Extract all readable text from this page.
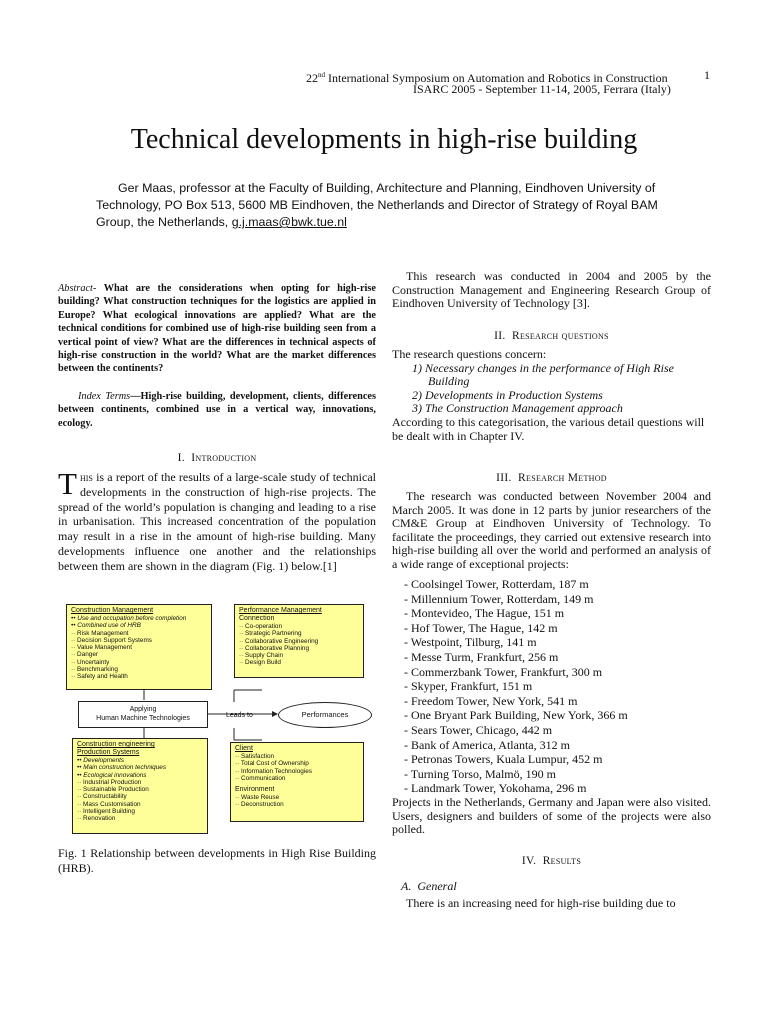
22nd International Symposium on Automation and Robotics in Construction	1
ISARC 2005 - September 11-14, 2005, Ferrara (Italy)
Technical developments in high-rise building
Ger Maas, professor at the Faculty of Building, Architecture and Planning, Eindhoven University of Technology, PO Box 513, 5600 MB Eindhoven, the Netherlands and Director of Strategy of Royal BAM Group, the Netherlands, g.j.maas@bwk.tue.nl
Abstract- What are the considerations when opting for high-rise building? What construction techniques for the logistics are applied in Europe? What ecological innovations are applied? What are the technical conditions for combined use of high-rise building seen from a vertical point of view? What are the differences in technical aspects of high-rise construction in the world? What are the market differences between the continents?
Index Terms—High-rise building, development, clients, differences between continents, combined use in a vertical way, innovations, ecology.
I. Introduction
This is a report of the results of a large-scale study of technical developments in the construction of high-rise projects. The spread of the world’s population is changing and leading to a rise in urbanisation. This increased concentration of the population may result in a rise in the amount of high-rise building. Many developments influence one another and the relationships between them are shown in the diagram (Fig. 1) below.[1]
Construction Management
•• Use and occupation before completion
•• Combined use of HRB
·· Risk Management
·· Decision Support Systems
·· Value Management
·· Danger
·· Uncertainty
·· Benchmarking
·· Safety and Health
Performance Management
Connection
·· Co-operation
·· Strategic Partnering
·· Collaborative Engineering
·· Collaborative Planning
·· Supply Chain
·· Design Build
Applying
Human Machine Technologies	Leads to	Performances
Construction engineering
Production Systems
•• Developments
•• Main construction techniques
•• Ecological innovations
·· Industrial Production
·· Sustainable Production
·· Constructability
·· Mass Customisation
·· Intelligent Building
·· Renovation
Client
·· Satisfaction
·· Total Cost of Ownership
·· Information Technologies
·· Communication
Environment
·· Waste Reuse
·· Deconstruction
Fig. 1 Relationship between developments in High Rise Building (HRB).
This research was conducted in 2004 and 2005 by the Construction Management and Engineering Research Group of Eindhoven University of Technology [3].
II. Research questions
The research questions concern:
1) Necessary changes in the performance of High Rise Building
2) Developments in Production Systems
3) The Construction Management approach
According to this categorisation, the various detail questions will be dealt with in Chapter IV.
III. Research Method
The research was conducted between November 2004 and March 2005. It was done in 12 parts by junior researchers of the CM&E Group at Eindhoven University of Technology. To facilitate the proceedings, they carried out extensive research into high-rise building all over the world and performed an analysis of a wide range of exceptional projects:
- Coolsingel Tower, Rotterdam, 187 m
- Millennium Tower, Rotterdam, 149 m
- Montevideo, The Hague, 151 m
- Hof Tower, The Hague, 142 m
- Westpoint, Tilburg, 141 m
- Messe Turm, Frankfurt, 256 m
- Commerzbank Tower, Frankfurt, 300 m
- Skyper, Frankfurt, 151 m
- Freedom Tower, New York, 541 m
- One Bryant Park Building, New York, 366 m
- Sears Tower, Chicago, 442 m
- Bank of America, Atlanta, 312 m
- Petronas Towers, Kuala Lumpur, 452 m
- Turning Torso, Malmö, 190 m
- Landmark Tower, Yokohama, 296 m
Projects in the Netherlands, Germany and Japan were also visited. Users, designers and builders of some of the projects were also polled.
IV. Results
A. General
There is an increasing need for high-rise building due to
